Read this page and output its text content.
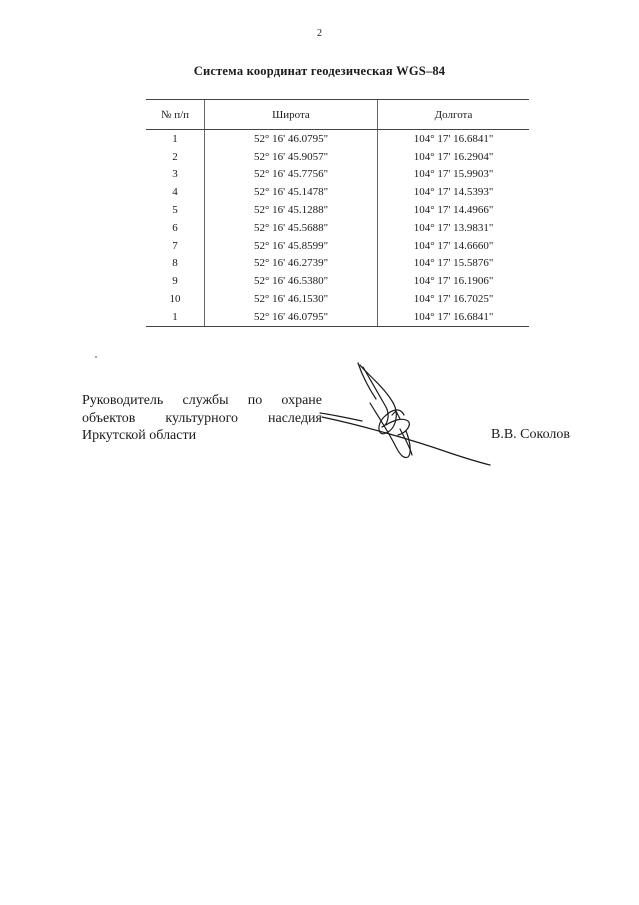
2
Система координат геодезическая WGS–84
№ п/п	Широта	Долгота
1	52° 16' 46.0795"	104° 17' 16.6841"
2	52° 16' 45.9057"	104° 17' 16.2904"
3	52° 16' 45.7756"	104° 17' 15.9903"
4	52° 16' 45.1478"	104° 17' 14.5393"
5	52° 16' 45.1288"	104° 17' 14.4966"
6	52° 16' 45.5688"	104° 17' 13.9831"
7	52° 16' 45.8599"	104° 17' 14.6660"
8	52° 16' 46.2739"	104° 17' 15.5876"
9	52° 16' 46.5380"	104° 17' 16.1906"
10	52° 16' 46.1530"	104° 17' 16.7025"
1	52° 16' 46.0795"	104° 17' 16.6841"
Руководитель службы по охране
объектов культурного наследия
Иркутской области	В.В. Соколов
